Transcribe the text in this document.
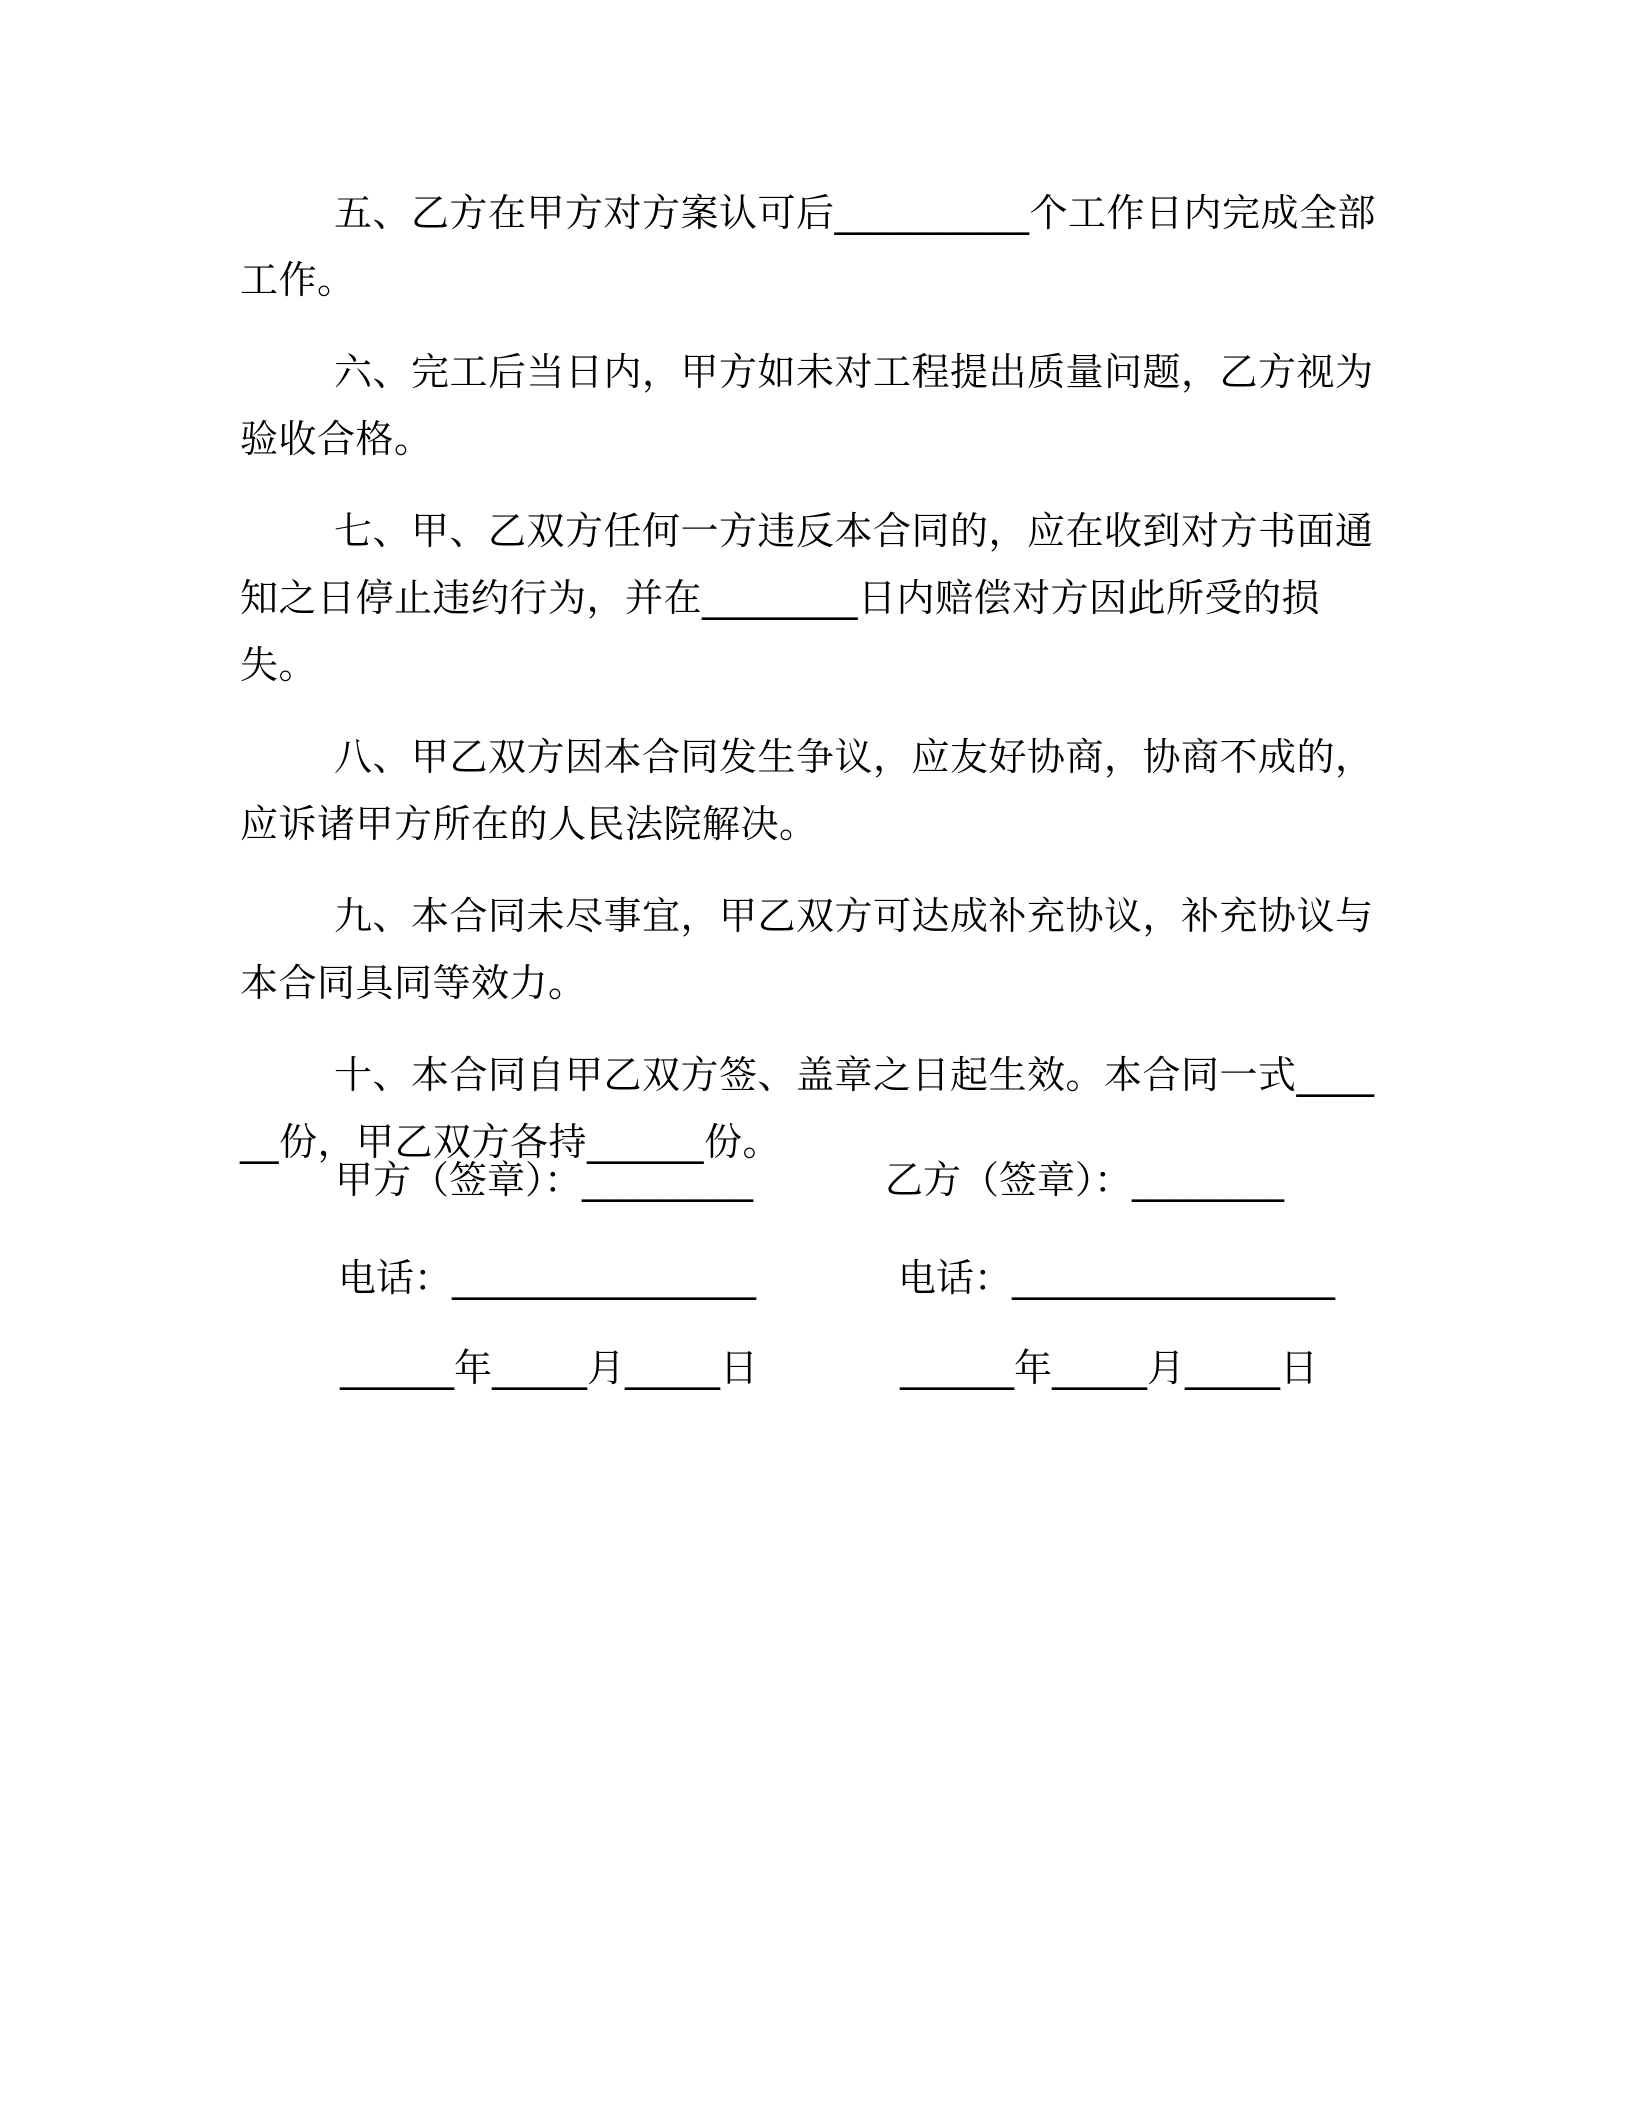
五、乙方在甲方对方案认可后__________个工作日内完成全部工作。

六、完工后当日内，甲方如未对工程提出质量问题，乙方视为验收合格。

七、甲、乙双方任何一方违反本合同的，应在收到对方书面通知之日停止违约行为，并在________日内赔偿对方因此所受的损失。

八、甲乙双方因本合同发生争议，应友好协商，协商不成的，应诉诸甲方所在的人民法院解决。

九、本合同未尽事宜，甲乙双方可达成补充协议，补充协议与本合同具同等效力。

十、本合同自甲乙双方签、盖章之日起生效。本合同一式______份，甲乙双方各持______份。

甲方（签章）：_________	乙方（签章）：________
电话：________________	电话：_________________
______年_____月_____日	______年_____月_____日
